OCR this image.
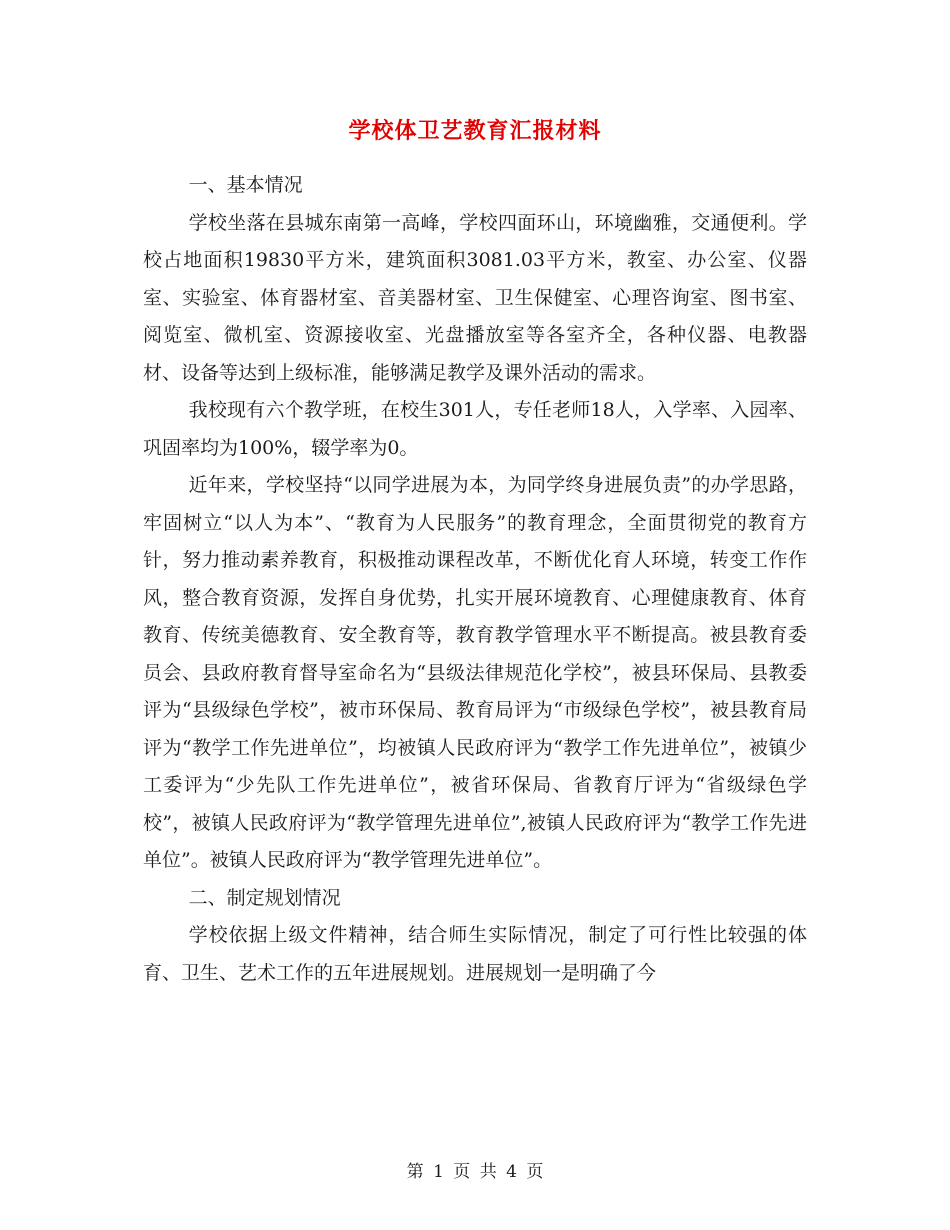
学校体卫艺教育汇报材料

一、基本情况

学校坐落在县城东南第一高峰，学校四面环山，环境幽雅，交通便利。学校占地面积19830平方米，建筑面积3081.03平方米，教室、办公室、仪器室、实验室、体育器材室、音美器材室、卫生保健室、心理咨询室、图书室、阅览室、微机室、资源接收室、光盘播放室等各室齐全，各种仪器、电教器材、设备等达到上级标准，能够满足教学及课外活动的需求。

我校现有六个教学班，在校生301人，专任老师18人，入学率、入园率、巩固率均为100%，辍学率为0。

近年来，学校坚持“以同学进展为本，为同学终身进展负责”的办学思路，牢固树立“以人为本”、“教育为人民服务”的教育理念，全面贯彻党的教育方针，努力推动素养教育，积极推动课程改革，不断优化育人环境，转变工作作风，整合教育资源，发挥自身优势，扎实开展环境教育、心理健康教育、体育教育、传统美德教育、安全教育等，教育教学管理水平不断提高。被县教育委员会、县政府教育督导室命名为“县级法律规范化学校”，被县环保局、县教委评为“县级绿色学校”，被市环保局、教育局评为“市级绿色学校”，被县教育局评为“教学工作先进单位”，均被镇人民政府评为“教学工作先进单位”，被镇少工委评为“少先队工作先进单位”，被省环保局、省教育厅评为“省级绿色学校”，被镇人民政府评为“教学管理先进单位”,被镇人民政府评为“教学工作先进单位”。被镇人民政府评为“教学管理先进单位”。

二、制定规划情况

学校依据上级文件精神，结合师生实际情况，制定了可行性比较强的体育、卫生、艺术工作的五年进展规划。进展规划一是明确了今

第 1 页 共 4 页
